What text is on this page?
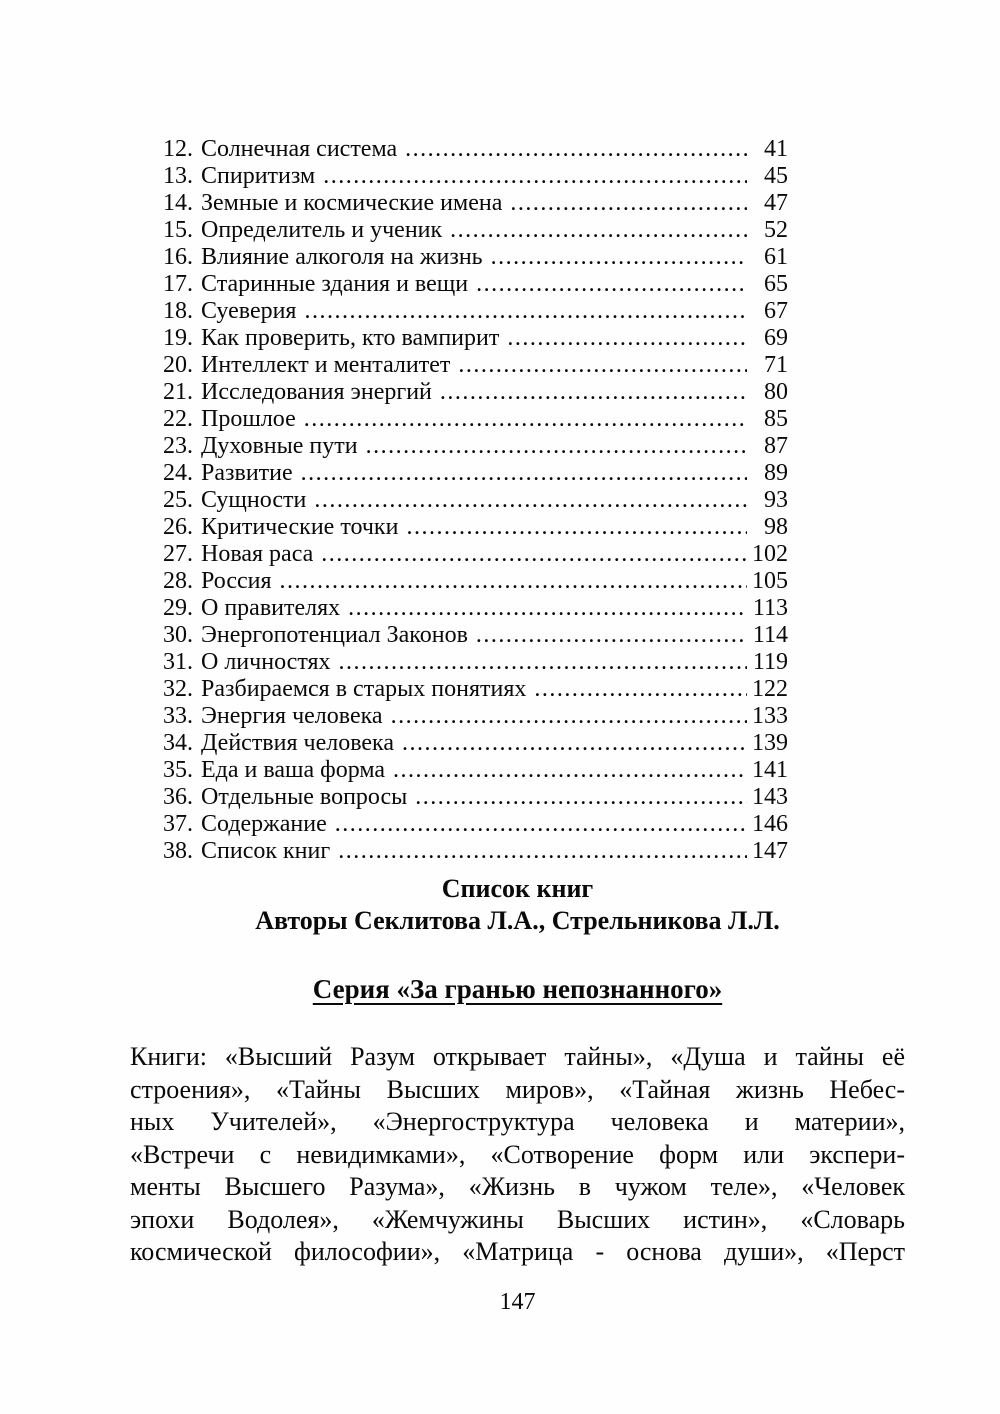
12. Солнечная система .....	41
13. Спиритизм .....	45
14. Земные и космические имена .....	47
15. Определитель и ученик .....	52
16. Влияние алкоголя на жизнь .....	61
17. Старинные здания и вещи .....	65
18. Суеверия .....	67
19. Как проверить, кто вампирит .....	69
20. Интеллект и менталитет .....	71
21. Исследования энергий .....	80
22. Прошлое .....	85
23. Духовные пути .....	87
24. Развитие .....	89
25. Сущности .....	93
26. Критические точки .....	98
27. Новая раса .....	102
28. Россия .....	105
29. О правителях .....	113
30. Энергопотенциал Законов .....	114
31. О личностях .....	119
32. Разбираемся в старых понятиях .....	122
33. Энергия человека .....	133
34. Действия человека .....	139
35. Еда и ваша форма .....	141
36. Отдельные вопросы .....	143
37. Содержание .....	146
38. Список книг .....	147
Список книг
Авторы Секлитова Л.А., Стрельникова Л.Л.
Серия «За гранью непознанного»
Книги: «Высший Разум открывает тайны», «Душа и тайны её
строения», «Тайны Высших миров», «Тайная жизнь Небес-
ных Учителей», «Энергоструктура человека и материи»,
«Встречи с невидимками», «Сотворение форм или экспери-
менты Высшего Разума», «Жизнь в чужом теле», «Человек
эпохи Водолея», «Жемчужины Высших истин», «Словарь
космической философии», «Матрица - основа души», «Перст
147
